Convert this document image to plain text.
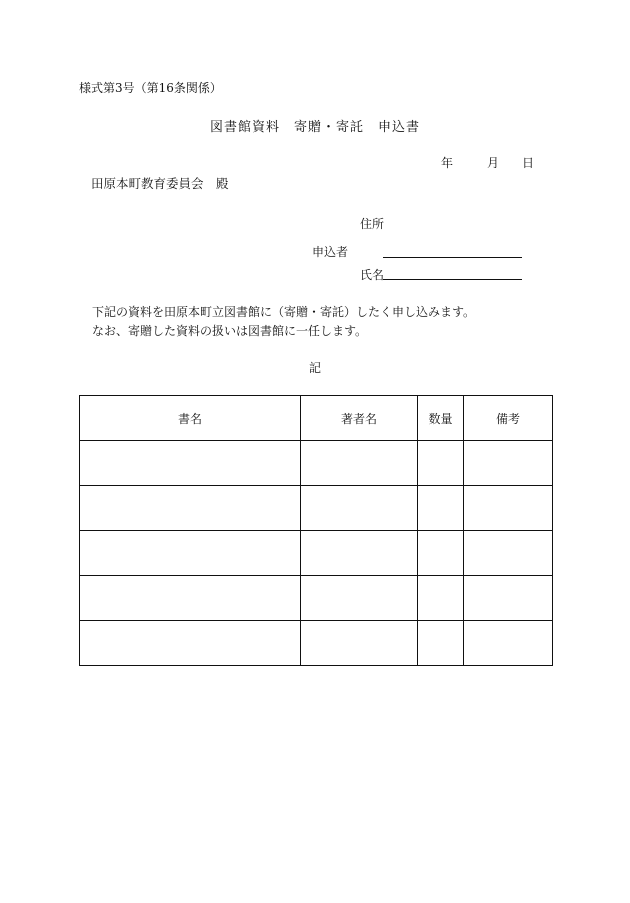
様式第3号（第16条関係）
図書館資料　寄贈・寄託　申込書
年	月 日
田原本町教育委員会　殿
住所
申込者
氏名
下記の資料を田原本町立図書館に（寄贈・寄託）したく申し込みます。
なお、寄贈した資料の扱いは図書館に一任します。
記
書名	著者名	数量	備考
